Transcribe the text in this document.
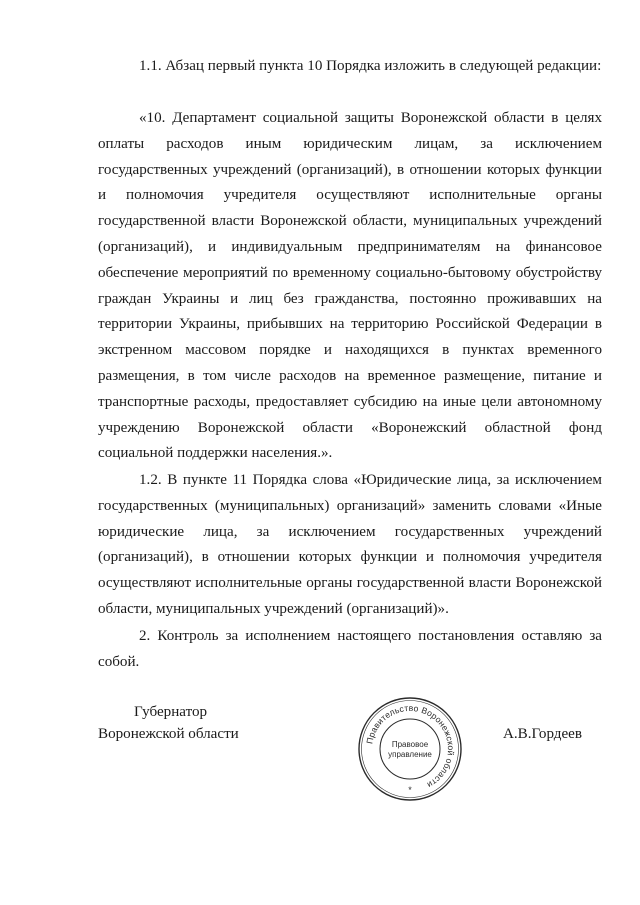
1.1. Абзац первый пункта 10 Порядка изложить в следующей редакции:

«10. Департамент социальной защиты Воронежской области в целях оплаты расходов иным юридическим лицам, за исключением государственных учреждений (организаций), в отношении которых функции и полномочия учредителя осуществляют исполнительные органы государственной власти Воронежской области, муниципальных учреждений (организаций), и индивидуальным предпринимателям на финансовое обеспечение мероприятий по временному социально-бытовому обустройству граждан Украины и лиц без гражданства, постоянно проживавших на территории Украины, прибывших на территорию Российской Федерации в экстренном массовом порядке и находящихся в пунктах временного размещения, в том числе расходов на временное размещение, питание и транспортные расходы, предоставляет субсидию на иные цели автономному учреждению Воронежской области «Воронежский областной фонд социальной поддержки населения.».

1.2. В пункте 11 Порядка слова «Юридические лица, за исключением государственных (муниципальных) организаций» заменить словами «Иные юридические лица, за исключением государственных учреждений (организаций), в отношении которых функции и полномочия учредителя осуществляют исполнительные органы государственной власти Воронежской области, муниципальных учреждений (организаций)».

2. Контроль за исполнением настоящего постановления оставляю за собой.

Губернатор
Воронежской области	Правительство Воронежской области
Правовое
управление
*
А.В.Гордеев
